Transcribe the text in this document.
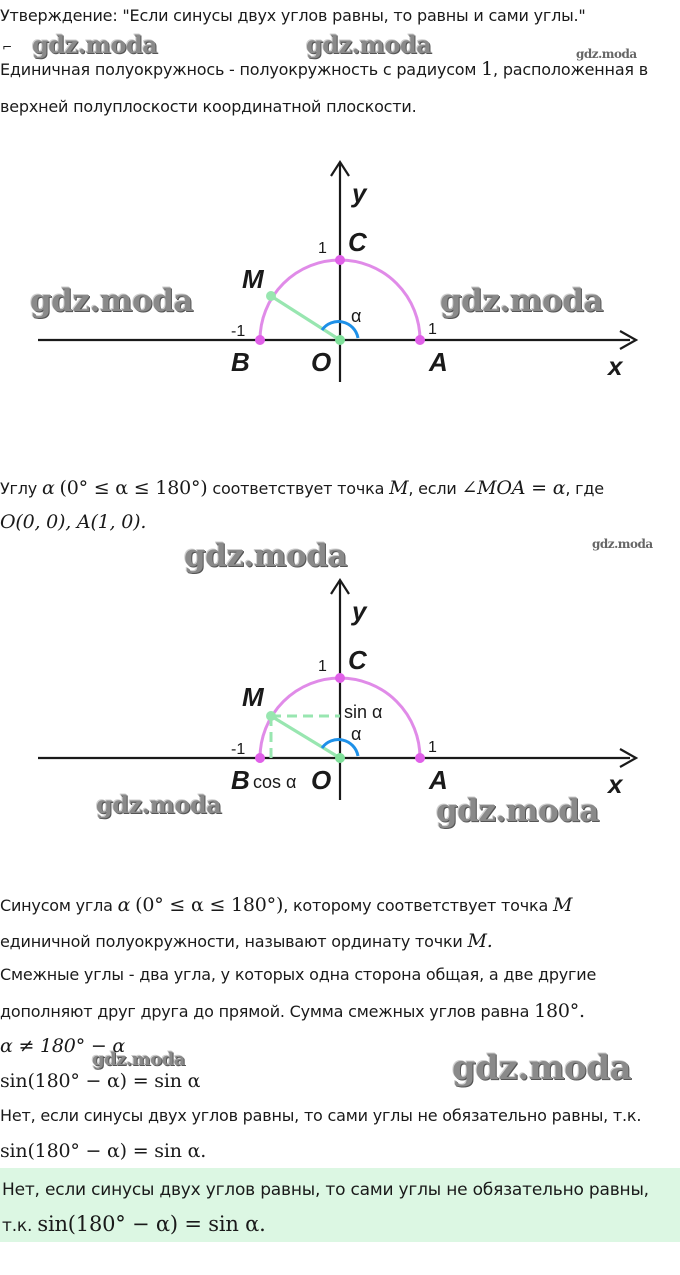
Утверждение: "Если синусы двух углов равны, то равны и сами углы."

⌐ gdz.moda	gdz.moda	gdz.moda

Единичная полуокружнось - полуокружность с радиусом 1, расположенная в

верхней полуплоскости координатной плоскости.

y
x
C
M
B O	A
1
-1	1
α
gdz.moda	gdz.moda

Углу α (0° ≤ α ≤ 180°) соответствует точка M, если ∠MOA = α, где

O(0, 0), A(1, 0).

gdz.moda	gdz.moda
y
x
C
M
B O	A
1
-1	1
α
sin α
cos α
gdz.moda	gdz.moda

Синусом угла α (0° ≤ α ≤ 180°), которому соответствует точка M

единичной полуокружности, называют ординату точки M.

Смежные углы - два угла, у которых одна сторона общая, а две другие

дополняют друг друга до прямой. Сумма смежных углов равна 180°.

α ≠ 180° − α

gdz.moda

sin(180° − α) = sin α	gdz.moda

Нет, если синусы двух углов равны, то сами углы не обязательно равны, т.к.

sin(180° − α) = sin α.

Нет, если синусы двух углов равны, то сами углы не обязательно равны,

т.к. sin(180° − α) = sin α.
